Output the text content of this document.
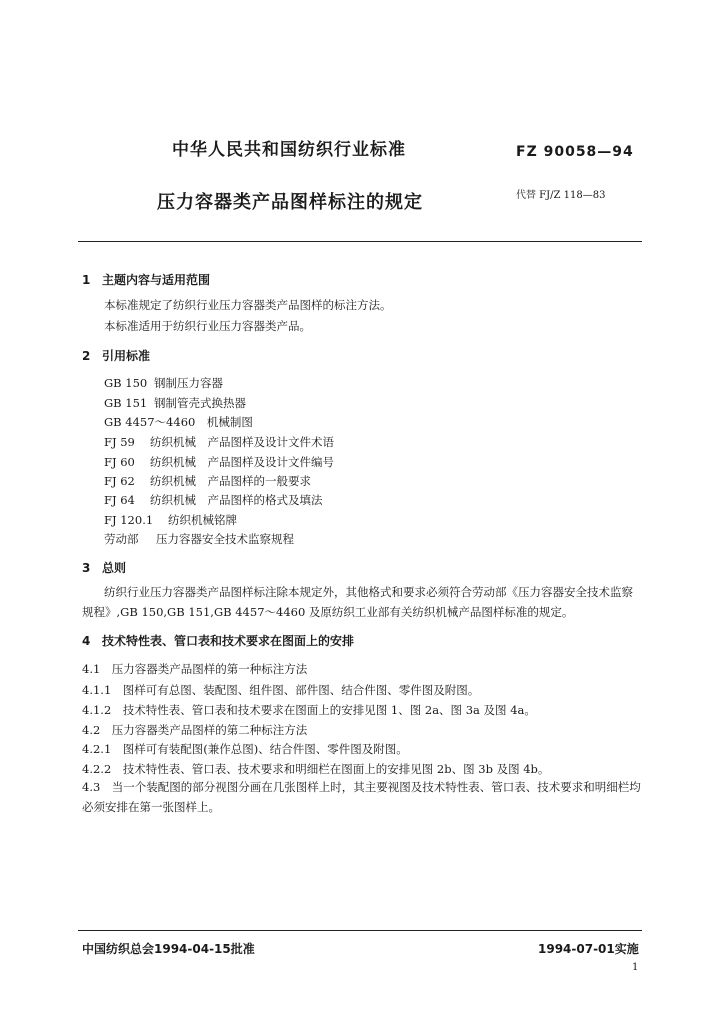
中华人民共和国纺织行业标准	FZ 90058—94
压力容器类产品图样标注的规定	代替 FJ/Z 118—83
1 主题内容与适用范围
本标准规定了纺织行业压力容器类产品图样的标注方法。
本标准适用于纺织行业压力容器类产品。
2 引用标准
GB 150 钢制压力容器
GB 151 钢制管壳式换热器
GB 4457～4460　 机械制图
FJ 59 纺织机械　产品图样及设计文件术语
FJ 60 纺织机械　产品图样及设计文件编号
FJ 62 纺织机械　产品图样的一般要求
FJ 64 纺织机械　产品图样的格式及填法
FJ 120.1 纺织机械铭牌
劳动部 压力容器安全技术监察规程
3 总则
纺织行业压力容器类产品图样标注除本规定外，其他格式和要求必须符合劳动部《压力容器安全技术监察规程》,GB 150,GB 151,GB 4457～4460 及原纺织工业部有关纺织机械产品图样标准的规定。
4 技术特性表、管口表和技术要求在图面上的安排
4.1　压力容器类产品图样的第一种标注方法
4.1.1　图样可有总图、装配图、组件图、部件图、结合件图、零件图及附图。
4.1.2　技术特性表、管口表和技术要求在图面上的安排见图 1、图 2a、图 3a 及图 4a。
4.2　压力容器类产品图样的第二种标注方法
4.2.1　图样可有装配图(兼作总图)、结合件图、零件图及附图。
4.2.2　技术特性表、管口表、技术要求和明细栏在图面上的安排见图 2b、图 3b 及图 4b。
4.3　当一个装配图的部分视图分画在几张图样上时，其主要视图及技术特性表、管口表、技术要求和明细栏均必须安排在第一张图样上。
中国纺织总会1994-04-15批准	1994-07-01实施
1
